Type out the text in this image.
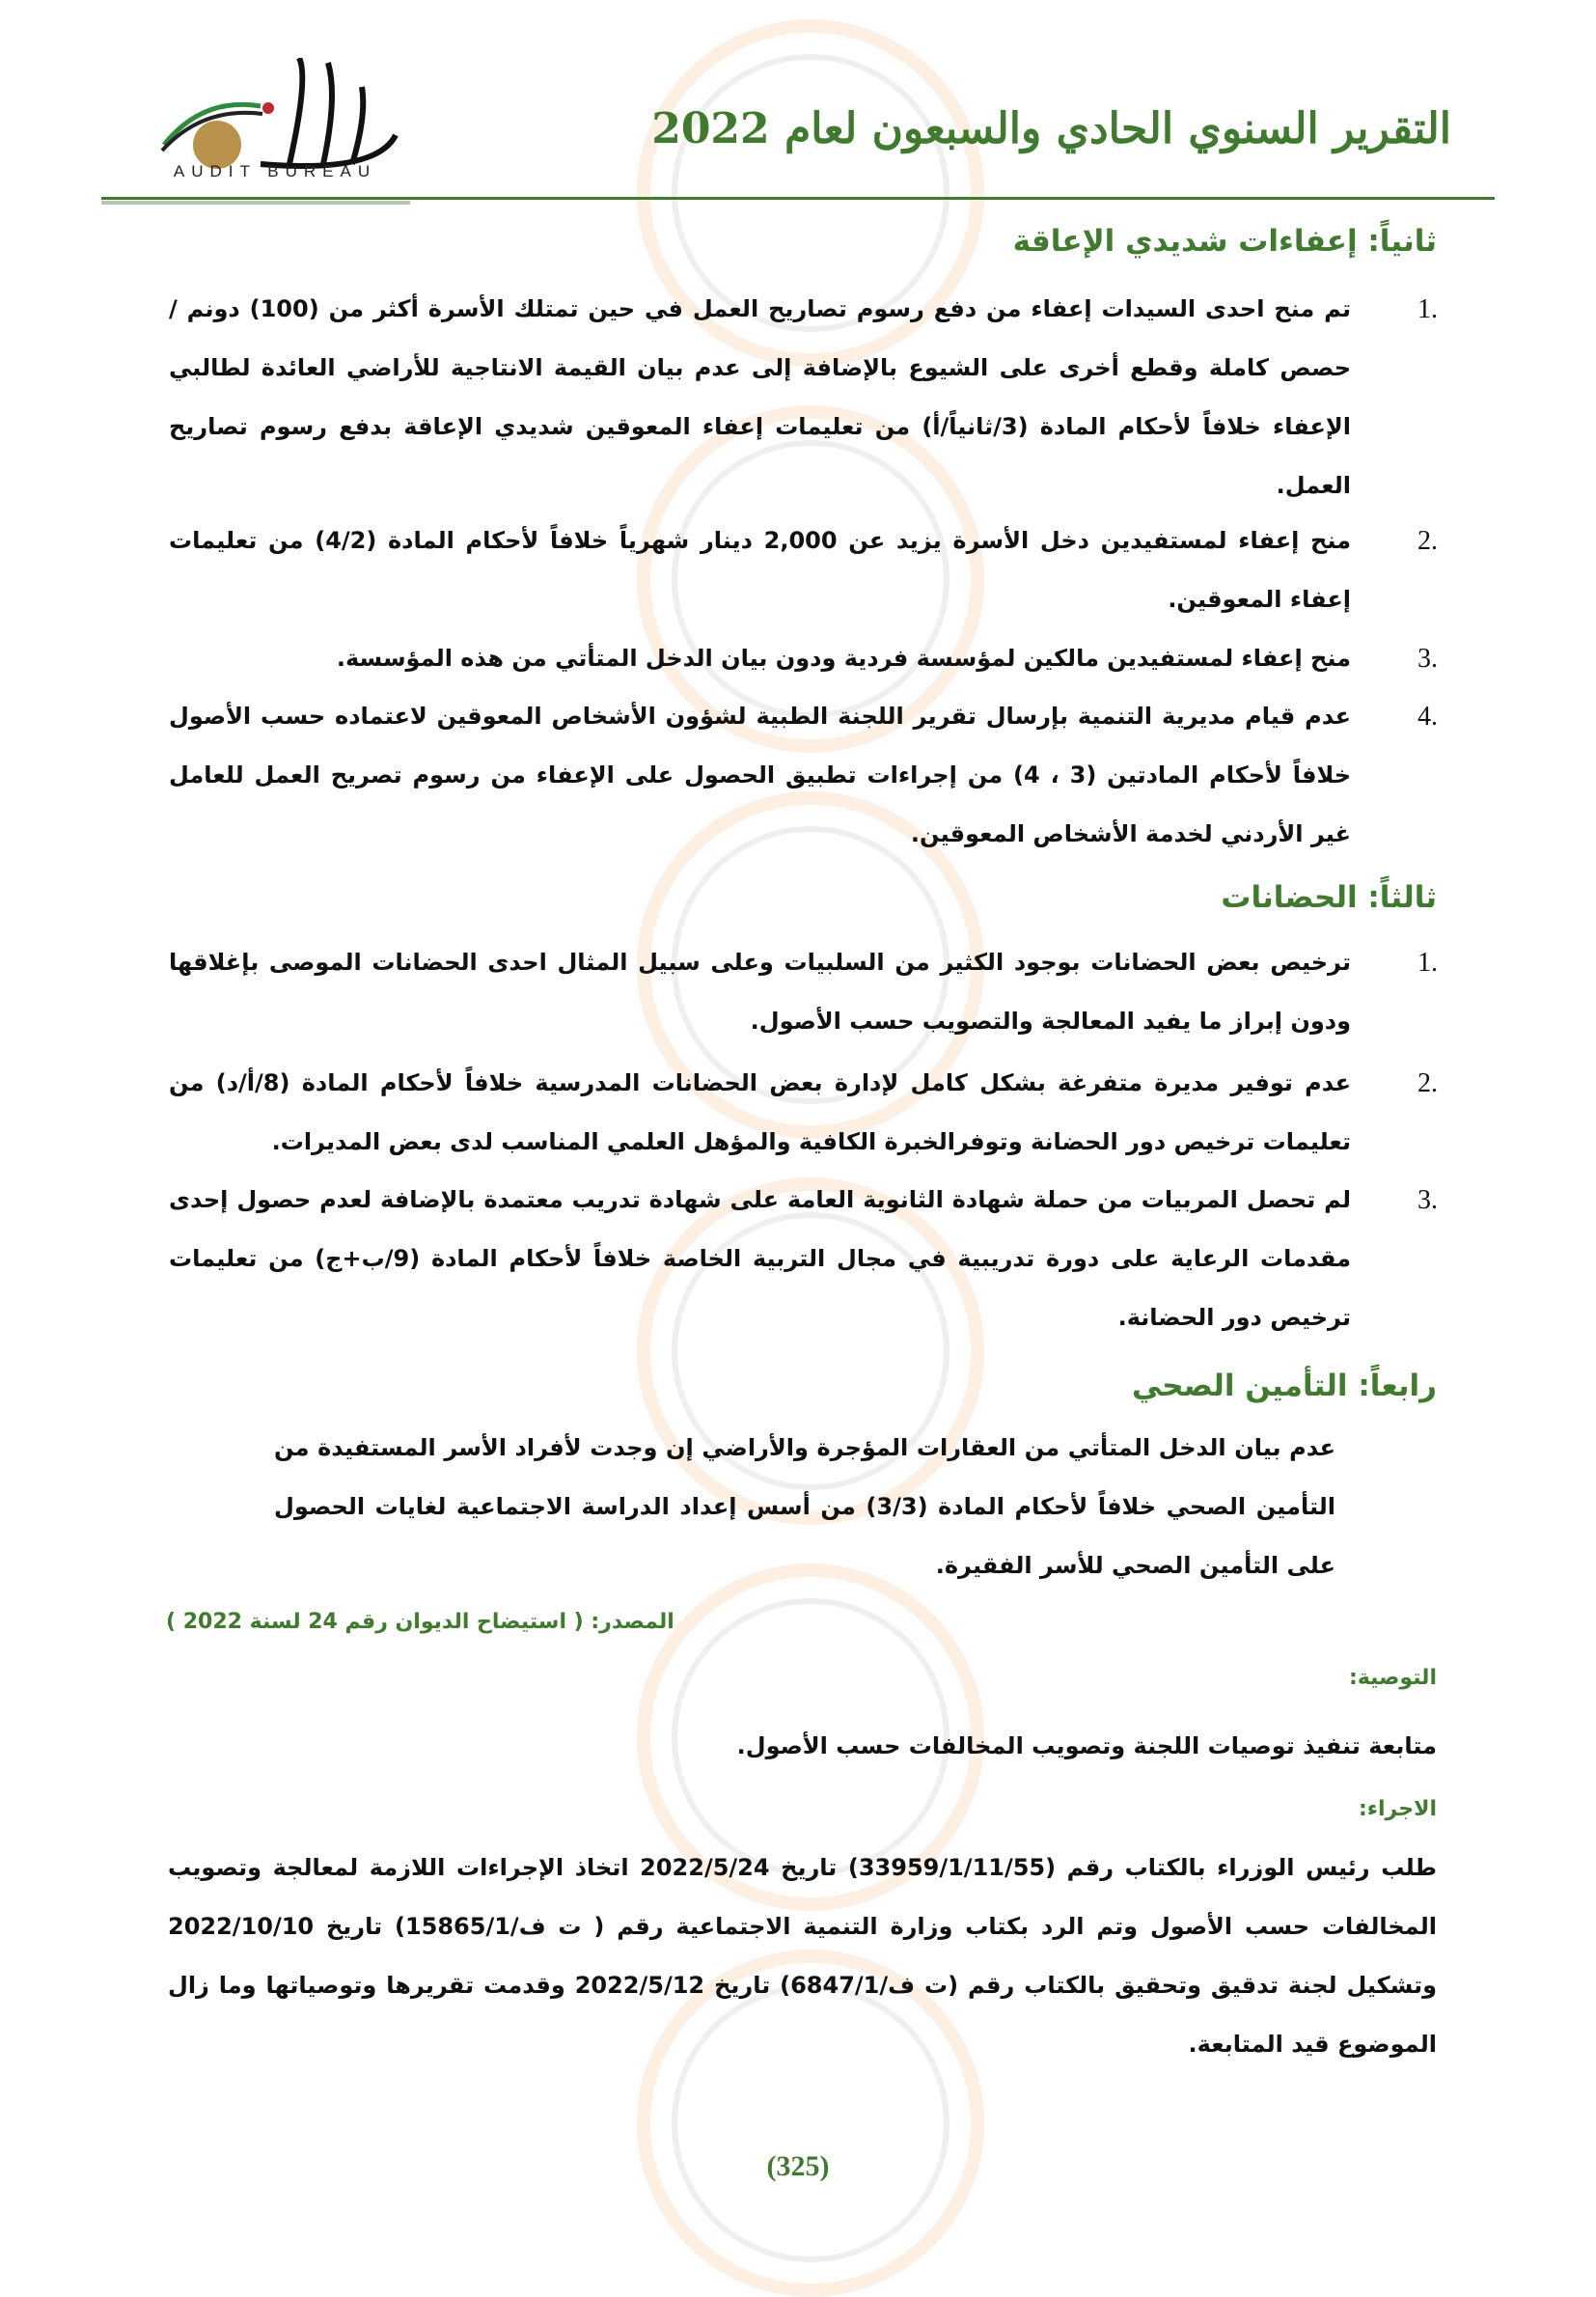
AUDIT BUREAU
التقرير السنوي الحادي والسبعون لعام 2022
ثانياً: إعفاءات شديدي الإعاقة
1.
تم منح احدى السيدات إعفاء من دفع رسوم تصاريح العمل في حين تمتلك الأسرة أكثر من (100) دونم /حصص كاملة وقطع أخرى على الشيوع بالإضافة إلى عدم بيان القيمة الانتاجية للأراضي العائدة لطالبي الإعفاء خلافاً لأحكام المادة (3/ثانياً/أ) من تعليمات إعفاء المعوقين شديدي الإعاقة بدفع رسوم تصاريح العمل.
2.
منح إعفاء لمستفيدين دخل الأسرة يزيد عن 2,000 دينار شهرياً خلافاً لأحكام المادة (4/2) من تعليمات إعفاء المعوقين.
3.
منح إعفاء لمستفيدين مالكين لمؤسسة فردية ودون بيان الدخل المتأتي من هذه المؤسسة.
4.
عدم قيام مديرية التنمية بإرسال تقرير اللجنة الطبية لشؤون الأشخاص المعوقين لاعتماده حسب الأصول خلافاً لأحكام المادتين (3 ، 4) من إجراءات تطبيق الحصول على الإعفاء من رسوم تصريح العمل للعامل غير الأردني لخدمة الأشخاص المعوقين.
ثالثاً: الحضانات
1.
ترخيص بعض الحضانات بوجود الكثير من السلبيات وعلى سبيل المثال احدى الحضانات الموصى بإغلاقها ودون إبراز ما يفيد المعالجة والتصويب حسب الأصول.
2.
عدم توفير مديرة متفرغة بشكل كامل لإدارة بعض الحضانات المدرسية خلافاً لأحكام المادة (8/أ/د) من تعليمات ترخيص دور الحضانة وتوفرالخبرة الكافية والمؤهل العلمي المناسب لدى بعض المديرات.
3.
لم تحصل المربيات من حملة شهادة الثانوية العامة على شهادة تدريب معتمدة بالإضافة لعدم حصول إحدى مقدمات الرعاية على دورة تدريبية في مجال التربية الخاصة خلافاً لأحكام المادة (9/ب+ج) من تعليمات ترخيص دور الحضانة.
رابعاً: التأمين الصحي
عدم بيان الدخل المتأتي من العقارات المؤجرة والأراضي إن وجدت لأفراد الأسر المستفيدة من التأمين الصحي خلافاً لأحكام المادة (3/3) من أسس إعداد الدراسة الاجتماعية لغايات الحصول على التأمين الصحي للأسر الفقيرة.
المصدر: ( استيضاح الديوان رقم 24 لسنة 2022 )
التوصية:
متابعة تنفيذ توصيات اللجنة وتصويب المخالفات حسب الأصول.
الاجراء:
طلب رئيس الوزراء بالكتاب رقم (33959/1/11/55) تاريخ 2022/5/24 اتخاذ الإجراءات اللازمة لمعالجة وتصويب المخالفات حسب الأصول وتم الرد بكتاب وزارة التنمية الاجتماعية رقم ( ت ف/15865/1) تاريخ 2022/10/10 وتشكيل لجنة تدقيق وتحقيق بالكتاب رقم (ت ف/6847/1) تاريخ 2022/5/12 وقدمت تقريرها وتوصياتها وما زال الموضوع قيد المتابعة.
(325)
